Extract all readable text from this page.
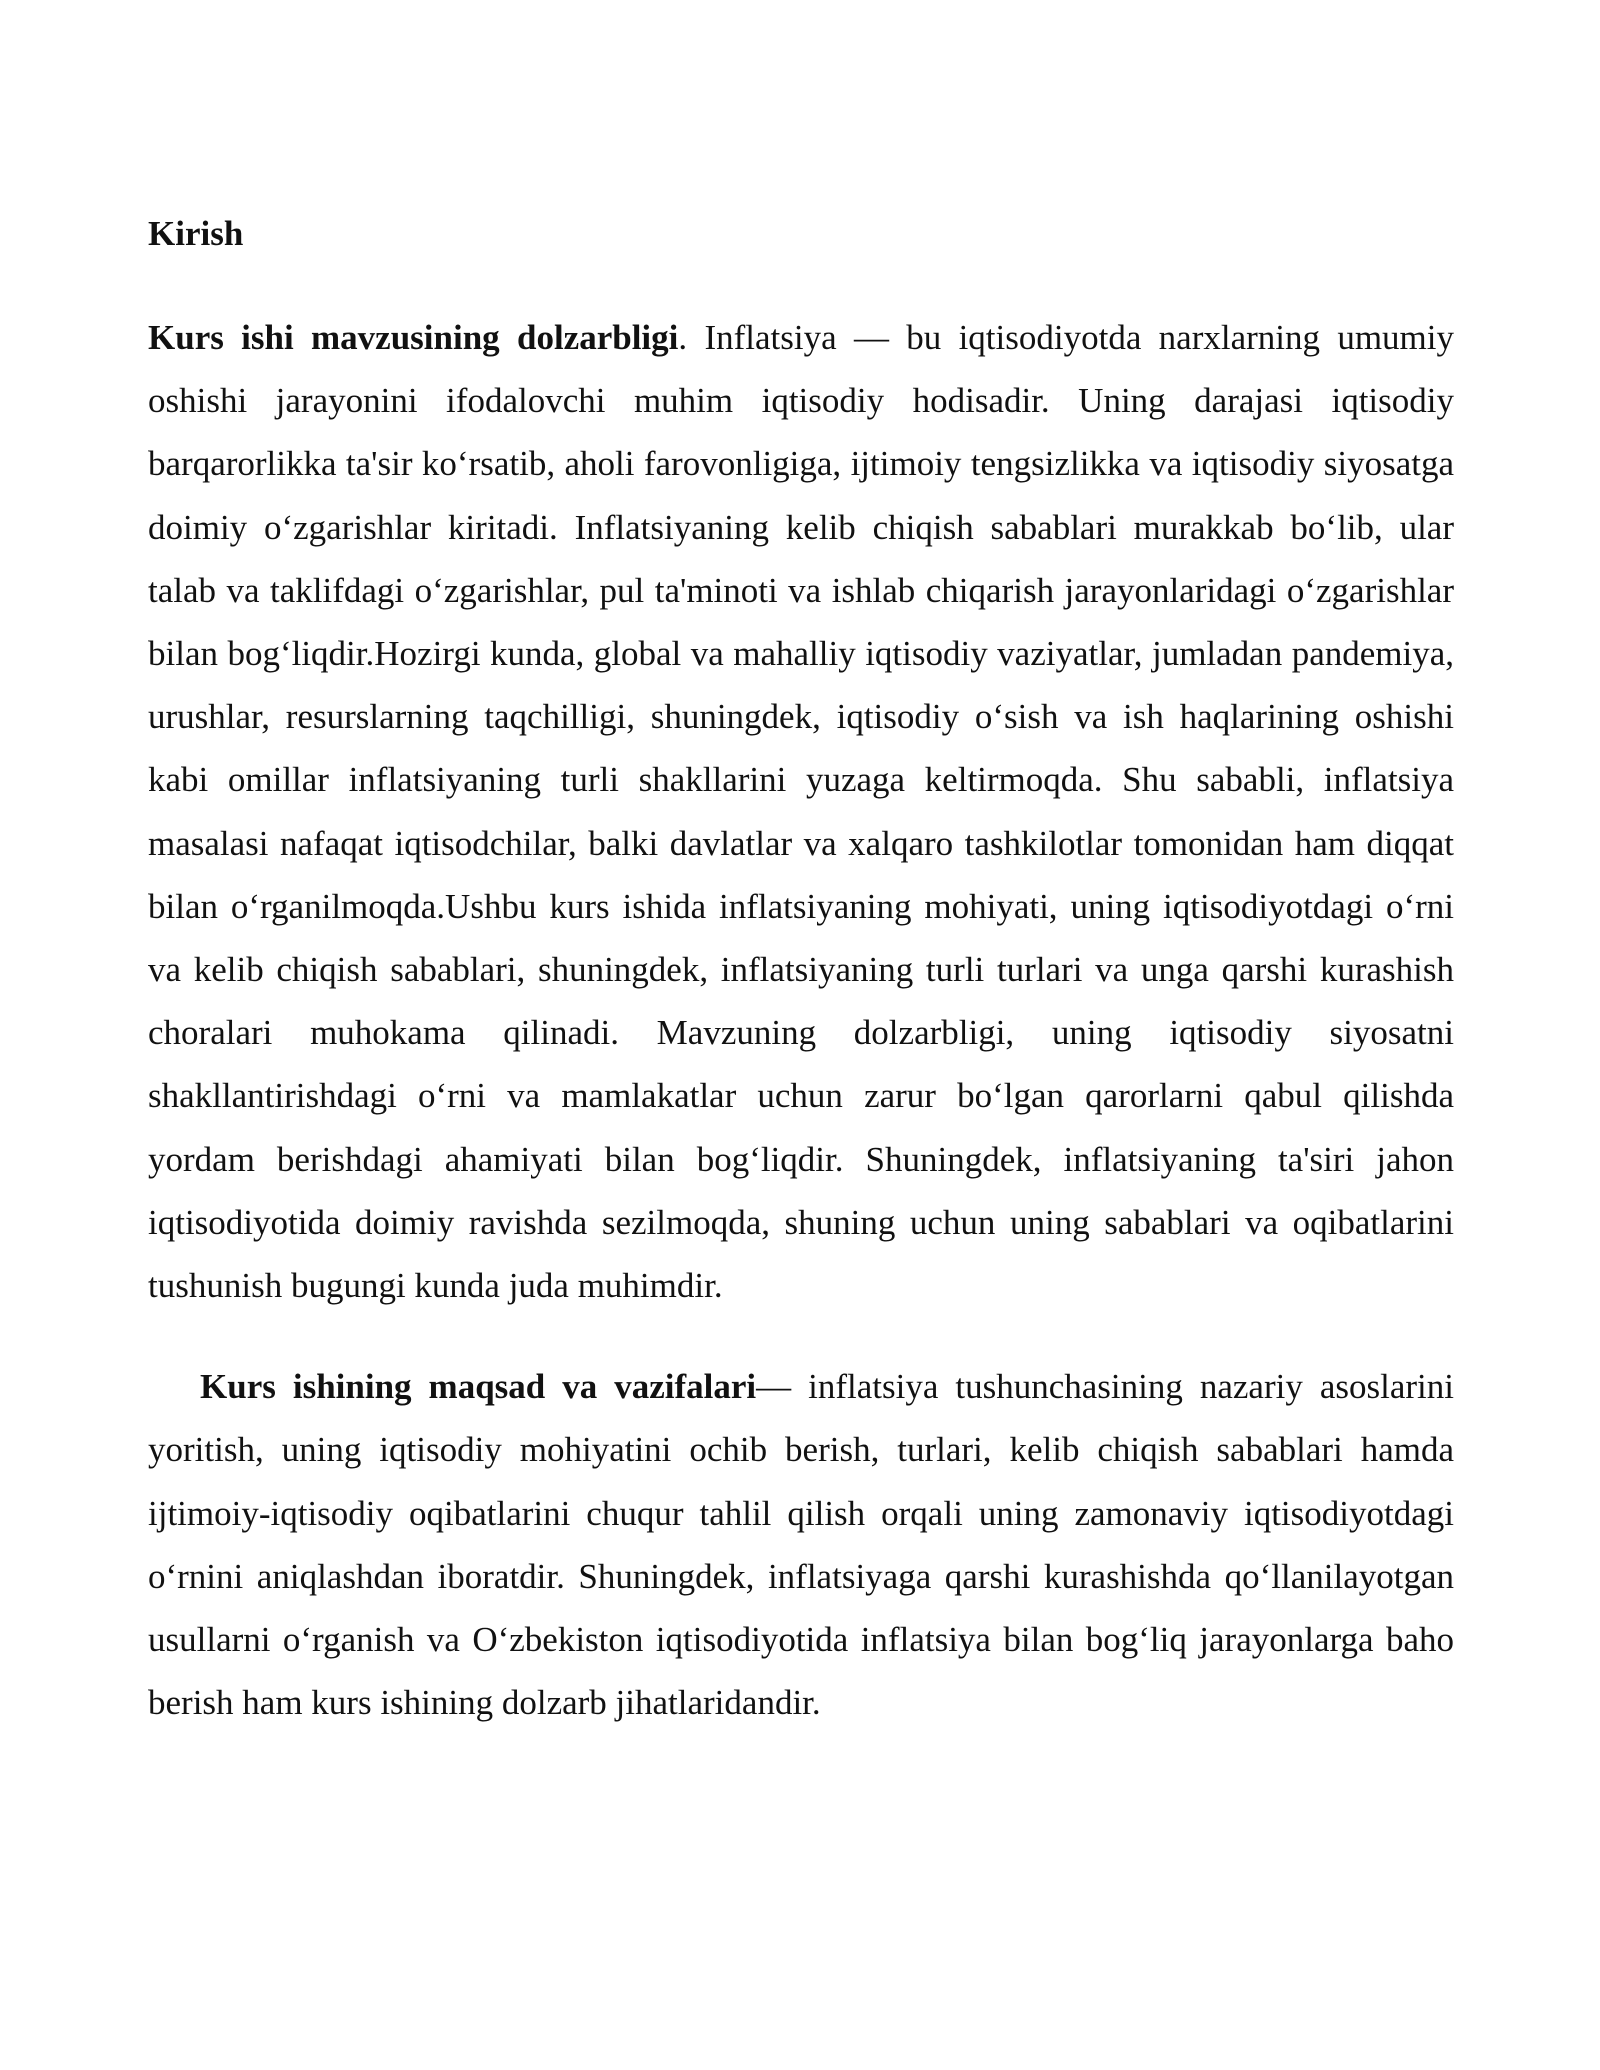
Kirish

Kurs ishi mavzusining dolzarbligi. Inflatsiya — bu iqtisodiyotda narxlarning umumiy oshishi jarayonini ifodalovchi muhim iqtisodiy hodisadir. Uning darajasi iqtisodiy barqarorlikka ta'sir koʻrsatib, aholi farovonligiga, ijtimoiy tengsizlikka va iqtisodiy siyosatga doimiy oʻzgarishlar kiritadi. Inflatsiyaning kelib chiqish sabablari murakkab boʻlib, ular talab va taklifdagi oʻzgarishlar, pul ta'minoti va ishlab chiqarish jarayonlaridagi oʻzgarishlar bilan bogʻliqdir.Hozirgi kunda, global va mahalliy iqtisodiy vaziyatlar, jumladan pandemiya, urushlar, resurslarning taqchilligi, shuningdek, iqtisodiy oʻsish va ish haqlarining oshishi kabi omillar inflatsiyaning turli shakllarini yuzaga keltirmoqda. Shu sababli, inflatsiya masalasi nafaqat iqtisodchilar, balki davlatlar va xalqaro tashkilotlar tomonidan ham diqqat bilan oʻrganilmoqda.Ushbu kurs ishida inflatsiyaning mohiyati, uning iqtisodiyotdagi oʻrni va kelib chiqish sabablari, shuningdek, inflatsiyaning turli turlari va unga qarshi kurashish choralari muhokama qilinadi. Mavzuning dolzarbligi, uning iqtisodiy siyosatni shakllantirishdagi oʻrni va mamlakatlar uchun zarur boʻlgan qarorlarni qabul qilishda yordam berishdagi ahamiyati bilan bogʻliqdir. Shuningdek, inflatsiyaning ta'siri jahon iqtisodiyotida doimiy ravishda sezilmoqda, shuning uchun uning sabablari va oqibatlarini tushunish bugungi kunda juda muhimdir.

Kurs ishining maqsad va vazifalari— inflatsiya tushunchasining nazariy asoslarini yoritish, uning iqtisodiy mohiyatini ochib berish, turlari, kelib chiqish sabablari hamda ijtimoiy-iqtisodiy oqibatlarini chuqur tahlil qilish orqali uning zamonaviy iqtisodiyotdagi oʻrnini aniqlashdan iboratdir. Shuningdek, inflatsiyaga qarshi kurashishda qoʻllanilayotgan usullarni oʻrganish va Oʻzbekiston iqtisodiyotida inflatsiya bilan bogʻliq jarayonlarga baho berish ham kurs ishining dolzarb jihatlaridandir.
